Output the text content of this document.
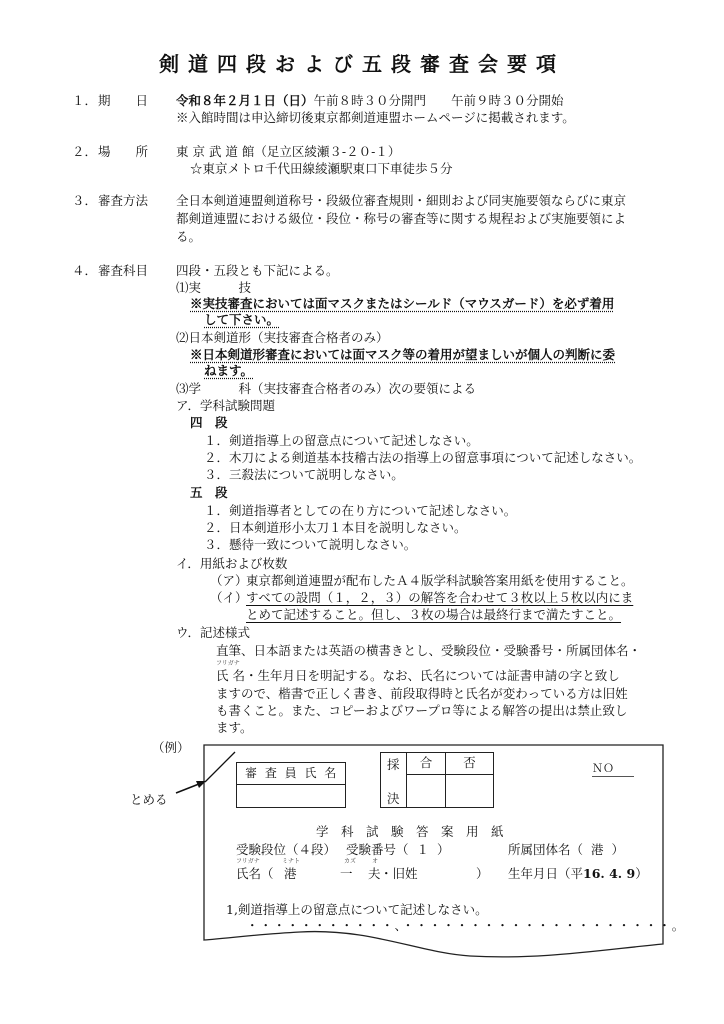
剣道四段および五段審査会要項
１． 期　　日 令和８年２月１日（日）午前８時３０分開門　　午前９時３０分開始
※入館時間は申込締切後東京都剣道連盟ホームページに掲載されます。
２． 場　　所 東 京 武 道 館（足立区綾瀬３‐２０‐１）
☆東京メトロ千代田線綾瀬駅東口下車徒歩５分
３． 審査方法 全日本剣道連盟剣道称号・段級位審査規則・細則および同実施要領ならびに東京
都剣道連盟における級位・段位・称号の審査等に関する規程および実施要領によ
る。
４． 審査科目 四段・五段とも下記による。
⑴実　　　技
※実技審査においては面マスクまたはシールド（マウスガード）を必ず着用
して下さい。
⑵日本剣道形（実技審査合格者のみ）
※日本剣道形審査においては面マスク等の着用が望ましいが個人の判断に委
ねます。
⑶学　　　科（実技審査合格者のみ）次の要領による
ア．学科試験問題
四　段
１．剣道指導上の留意点について記述しなさい。
２．木刀による剣道基本技稽古法の指導上の留意事項について記述しなさい。
３．三殺法について説明しなさい。
五　段
１．剣道指導者としての在り方について記述しなさい。
２．日本剣道形小太刀１本目を説明しなさい。
３．懸待一致について説明しなさい。
イ．用紙および枚数
（ア）
東京都剣道連盟が配布したＡ４版学科試験答案用紙を使用すること。
（イ）
すべての設問（１，２，３）の解答を合わせて３枚以上５枚以内にま
とめて記述すること。但し、３枚の場合は最終行まで満たすこと。
ウ．記述様式
直筆、日本語または英語の横書きとし、受験段位・受験番号・所属団体名・
フリガナ
氏 名・生年月日を明記する。なお、氏名については証書申請の字と致し
ますので、楷書で正しく書き、前段取得時と氏名が変わっている方は旧姓
も書くこと。また、コピーおよびワープロ等による解答の提出は禁止致し
ます。
（例）
とめる
審 査 員 氏 名
採
決
合	否	ＮＯ
学　科　試　験　答　案　用　紙
受験段位（４段） 受験番号（ １ ）	所属団体名（ 港 ）
フリガナ	ミナト	カズ	オ
氏名（ 港	一 夫 ・旧姓	） 生年月日（平16. 4. 9）
1,剣道指導上の留意点について記述しなさい。
・・・・・・・・・・・、・・・・・・・・・・・・・・・・・・・・。
